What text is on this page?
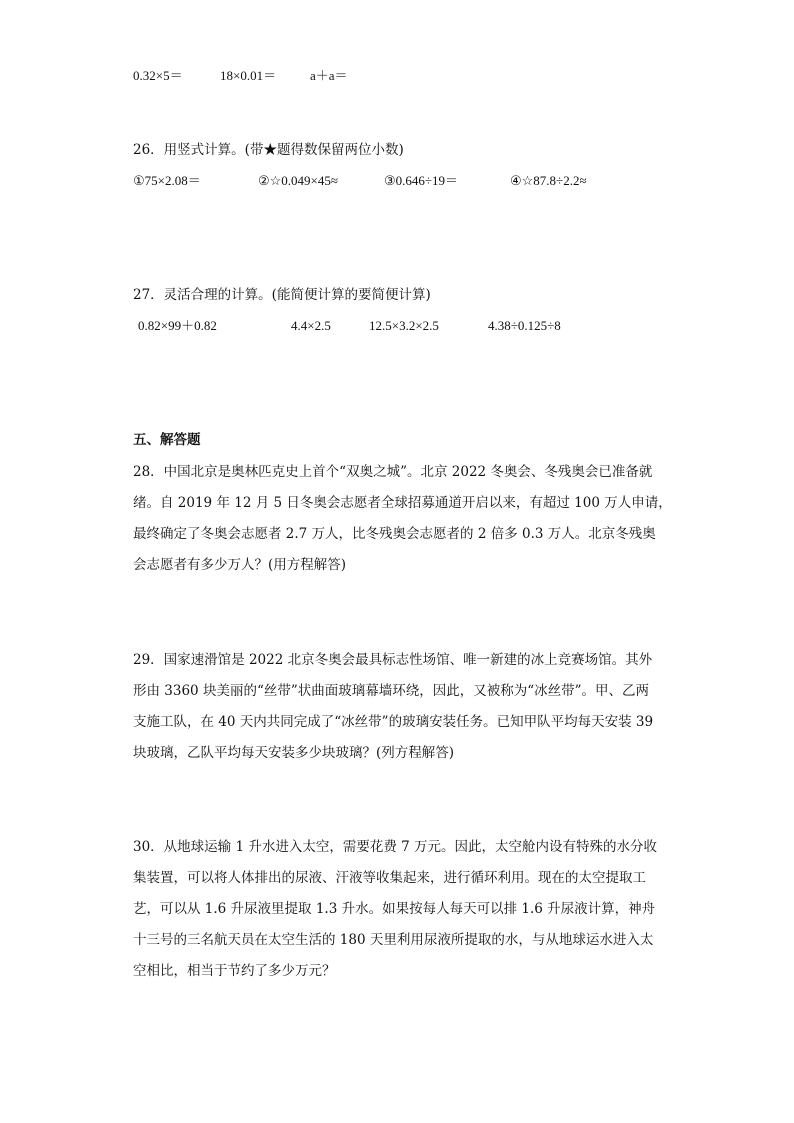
0.32×5＝	18×0.01＝	a＋a＝
26．用竖式计算。(带★题得数保留两位小数)
①75×2.08＝	②☆0.049×45≈	③0.646÷19＝	④☆87.8÷2.2≈
27．灵活合理的计算。(能简便计算的要简便计算)
0.82×99＋0.82	4.4×2.5	12.5×3.2×2.5	4.38÷0.125÷8
五、解答题
28．中国北京是奥林匹克史上首个“双奥之城”。北京 2022 冬奥会、冬残奥会已准备就
绪。自 2019 年 12 月 5 日冬奥会志愿者全球招募通道开启以来，有超过 100 万人申请，
最终确定了冬奥会志愿者 2.7 万人，比冬残奥会志愿者的 2 倍多 0.3 万人。北京冬残奥
会志愿者有多少万人？(用方程解答)
29．国家速滑馆是 2022 北京冬奥会最具标志性场馆、唯一新建的冰上竞赛场馆。其外
形由 3360 块美丽的“丝带”状曲面玻璃幕墙环绕，因此，又被称为“冰丝带”。甲、乙两
支施工队，在 40 天内共同完成了“冰丝带”的玻璃安装任务。已知甲队平均每天安装 39
块玻璃，乙队平均每天安装多少块玻璃？(列方程解答)
30．从地球运输 1 升水进入太空，需要花费 7 万元。因此，太空舱内设有特殊的水分收
集装置，可以将人体排出的尿液、汗液等收集起来，进行循环利用。现在的太空提取工
艺，可以从 1.6 升尿液里提取 1.3 升水。如果按每人每天可以排 1.6 升尿液计算，神舟
十三号的三名航天员在太空生活的 180 天里利用尿液所提取的水，与从地球运水进入太
空相比，相当于节约了多少万元？
